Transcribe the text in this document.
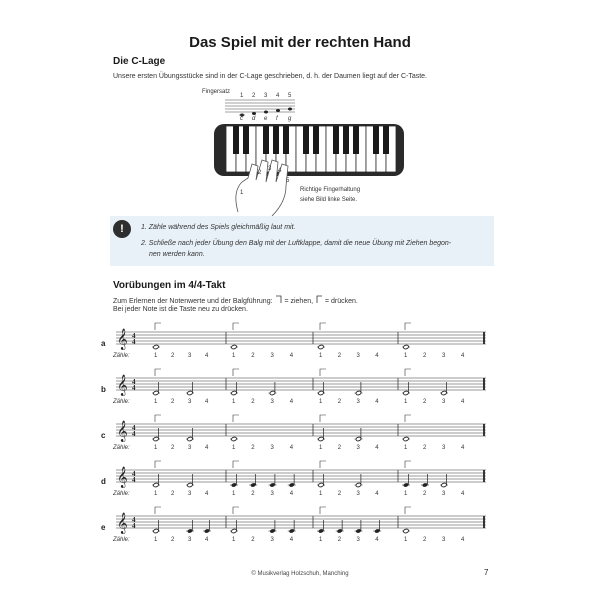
Das Spiel mit der rechten Hand
Die C-Lage
Unsere ersten Übungsstücke sind in der C-Lage geschrieben, d. h. der Daumen liegt auf der C-Taste.
Fingersatz
1 2 3 4 5
c d e f g
1
2
3 4
5
Richtige Fingerhaltung
siehe Bild linke Seite.
!	1. Zähle während des Spiels gleichmäßig laut mit.
2. Schließe nach jeder Übung den Balg mit der Luftklappe, damit die neue Übung mit Ziehen begon-
nen werden kann.
Vorübungen im 4/4-Takt
Zum Erlernen der Notenwerte und der Balgführung: = ziehen, = drücken.
Bei jeder Note ist die Taste neu zu drücken.
a 𝄞 4
4
Zähle:	1 2 3 4	1	2	3	4	1	2	3	4	1	2	3	4
b 𝄞 4
4
Zähle:	1 2 3 4	1	2	3	4	1	2	3	4	1	2	3	4
c 𝄞 4
4
Zähle:	1 2 3 4	1	2	3	4	1	2	3	4	1	2	3	4
d 𝄞 4
4
Zähle:	1 2 3 4	1	2	3	4	1	2	3	4	1	2	3	4
e 𝄞 4
4
Zähle:	1 2 3 4	1	2	3	4	1	2	3	4	1	2	3	4
© Musikverlag Holzschuh, Manching	7
